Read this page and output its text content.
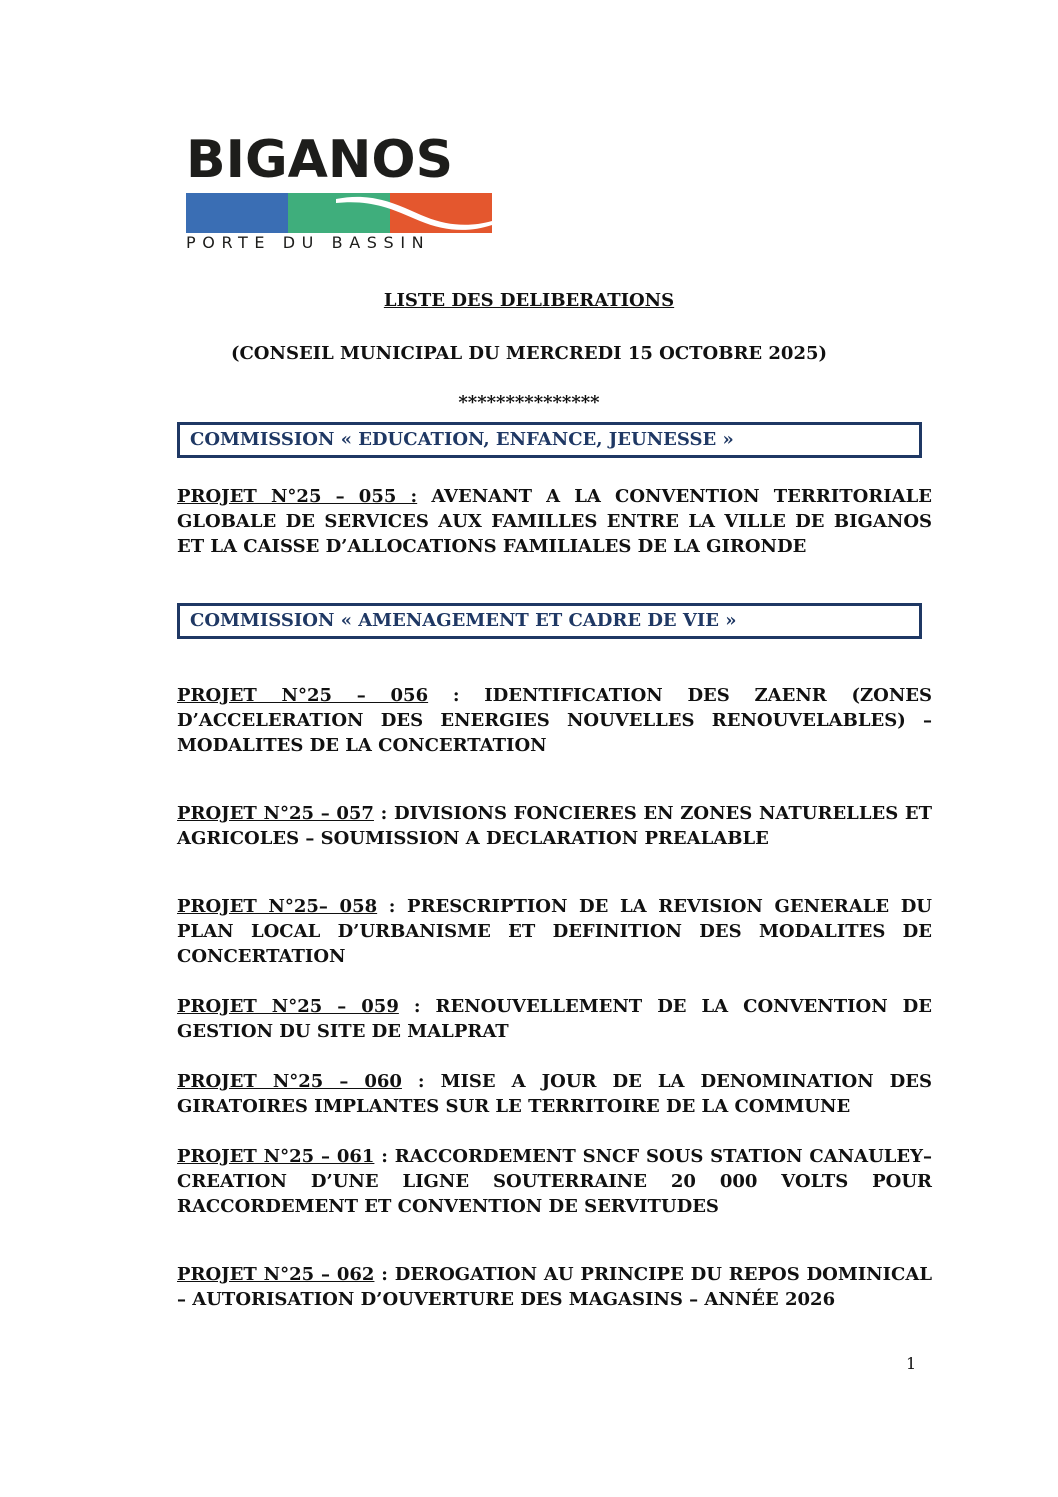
BIGANOS
PORTE DU BASSIN
LISTE DES DELIBERATIONS
(CONSEIL MUNICIPAL DU MERCREDI 15 OCTOBRE 2025)
***************
COMMISSION « EDUCATION, ENFANCE, JEUNESSE »
PROJET N°25 – 055 : AVENANT A LA CONVENTION TERRITORIALE GLOBALE DE SERVICES AUX FAMILLES ENTRE LA VILLE DE BIGANOS ET LA CAISSE D’ALLOCATIONS FAMILIALES DE LA GIRONDE
COMMISSION « AMENAGEMENT ET CADRE DE VIE »
PROJET N°25 – 056 : IDENTIFICATION DES ZAENR (ZONES D’ACCELERATION DES ENERGIES NOUVELLES RENOUVELABLES) – MODALITES DE LA CONCERTATION
PROJET N°25 – 057 : DIVISIONS FONCIERES EN ZONES NATURELLES ET AGRICOLES – SOUMISSION A DECLARATION PREALABLE
PROJET N°25– 058 : PRESCRIPTION DE LA REVISION GENERALE DU PLAN LOCAL D’URBANISME ET DEFINITION DES MODALITES DE CONCERTATION
PROJET N°25 – 059 : RENOUVELLEMENT DE LA CONVENTION DE GESTION DU SITE DE MALPRAT
PROJET N°25 – 060 : MISE A JOUR DE LA DENOMINATION DES GIRATOIRES IMPLANTES SUR LE TERRITOIRE DE LA COMMUNE
PROJET N°25 – 061 : RACCORDEMENT SNCF SOUS STATION CANAULEY– CREATION D’UNE LIGNE SOUTERRAINE 20 000 VOLTS POUR RACCORDEMENT ET CONVENTION DE SERVITUDES
PROJET N°25 – 062 : DEROGATION AU PRINCIPE DU REPOS DOMINICAL – AUTORISATION D’OUVERTURE DES MAGASINS – ANNÉE 2026
1
